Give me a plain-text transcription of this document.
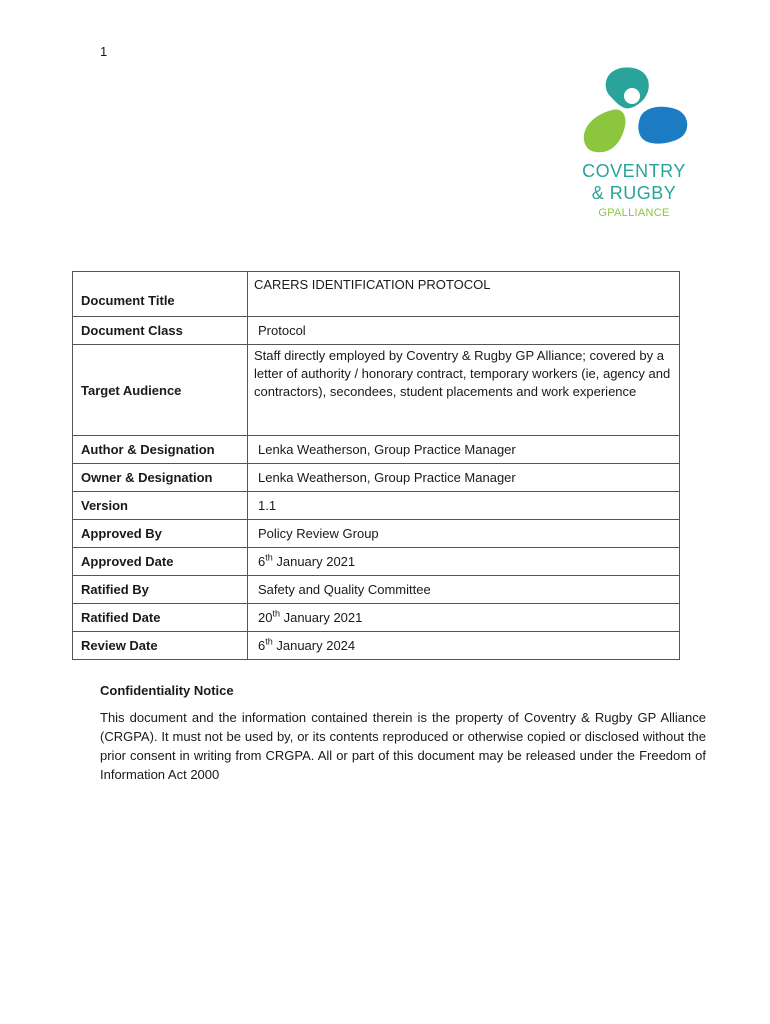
1
COVENTRY
& RUGBY
GPALLIANCE
Document Title	CARERS IDENTIFICATION PROTOCOL
Document Class	Protocol
Target Audience	Staff directly employed by Coventry & Rugby GP Alliance; covered by a letter of authority / honorary contract, temporary workers (ie, agency and contractors), secondees, student placements and work experience
Author & Designation	Lenka Weatherson, Group Practice Manager
Owner & Designation	Lenka Weatherson, Group Practice Manager
Version	1.1
Approved By	Policy Review Group
Approved Date	6th January 2021
Ratified By	Safety and Quality Committee
Ratified Date	20th January 2021
Review Date	6th January 2024
Confidentiality Notice
This document and the information contained therein is the property of Coventry & Rugby GP Alliance (CRGPA). It must not be used by, or its contents reproduced or otherwise copied or disclosed without the prior consent in writing from CRGPA. All or part of this document may be released under the Freedom of Information Act 2000
